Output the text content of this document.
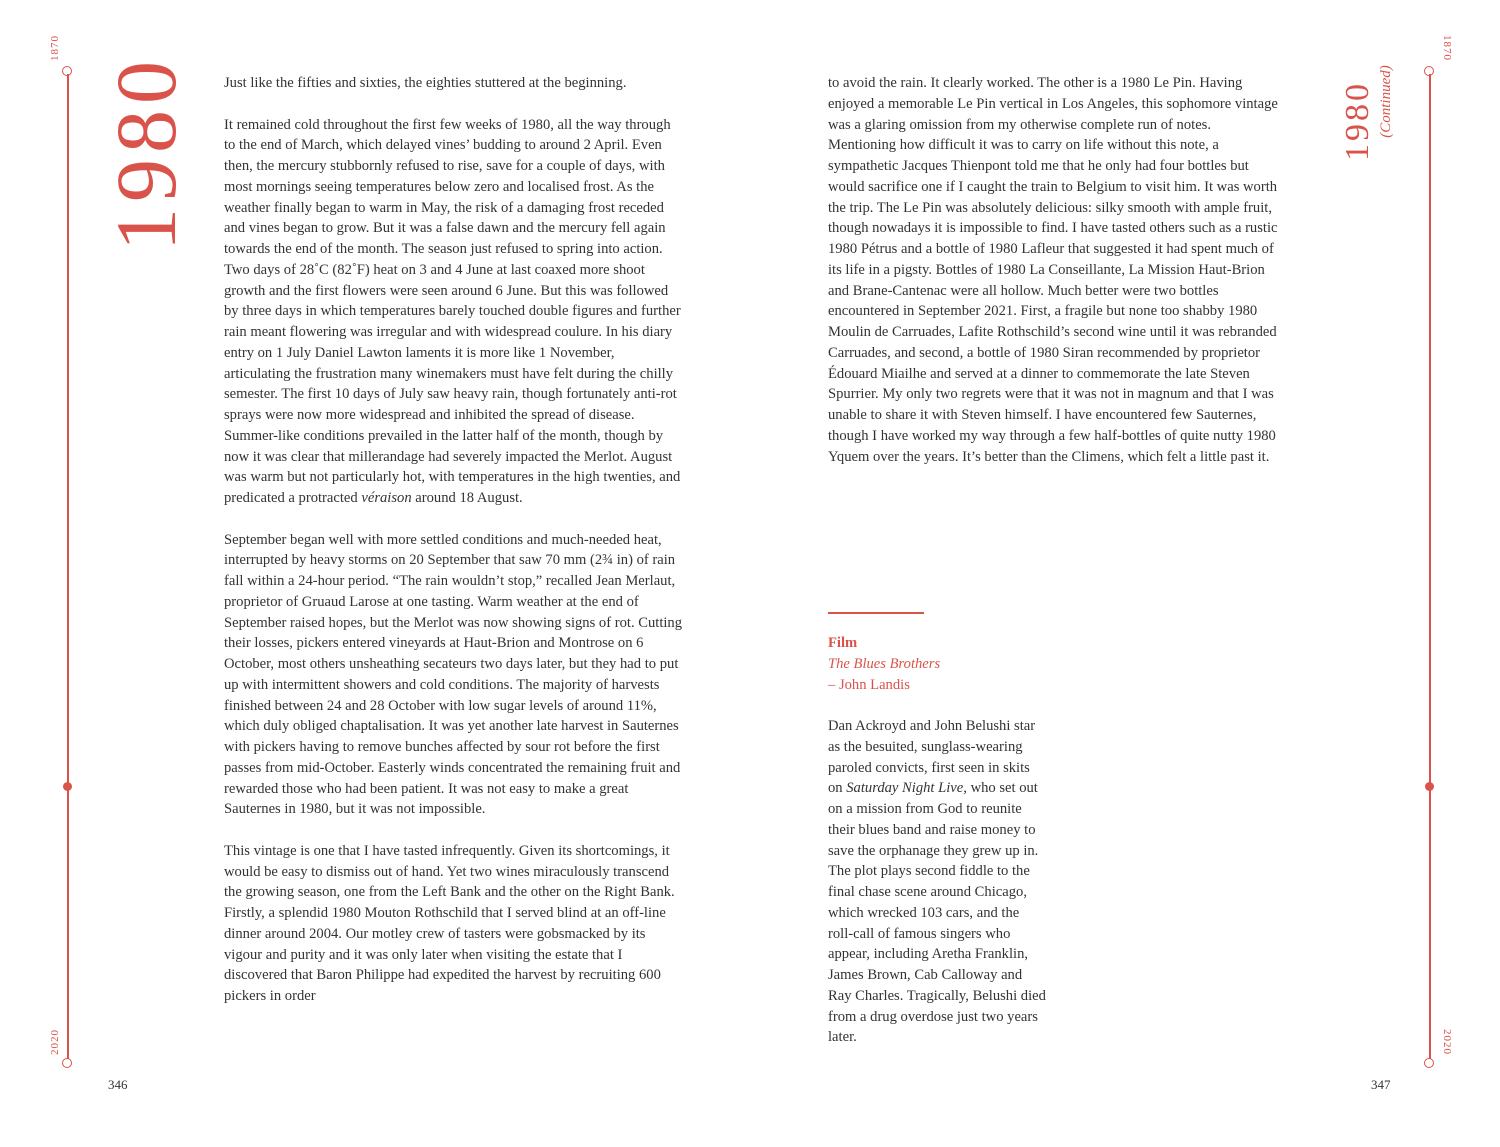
1870
2020
1980 Just like the fifties and sixties, the eighties stuttered at the beginning.

It remained cold throughout the first few weeks of 1980, all the way through to the end of March, which delayed vines’ budding to around 2 April. Even then, the mercury stubbornly refused to rise, save for a couple of days, with most mornings seeing temperatures below zero and localised frost. As the weather finally began to warm in May, the risk of a damaging frost receded and vines began to grow. But it was a false dawn and the mercury fell again towards the end of the month. The season just refused to spring into action. Two days of 28˚C (82˚F) heat on 3 and 4 June at last coaxed more shoot growth and the first flowers were seen around 6 June. But this was followed by three days in which temperatures barely touched double figures and further rain meant flowering was irregular and with widespread coulure. In his diary entry on 1 July Daniel Lawton laments it is more like 1 November, articulating the frustration many winemakers must have felt during the chilly semester. The first 10 days of July saw heavy rain, though fortunately anti-rot sprays were now more widespread and inhibited the spread of disease. Summer-like conditions prevailed in the latter half of the month, though by now it was clear that millerandage had severely impacted the Merlot. August was warm but not particularly hot, with temperatures in the high twenties, and predicated a protracted véraison around 18 August.

September began well with more settled conditions and much-needed heat, interrupted by heavy storms on 20 September that saw 70 mm (2¾ in) of rain fall within a 24-hour period. “The rain wouldn’t stop,” recalled Jean Merlaut, proprietor of Gruaud Larose at one tasting. Warm weather at the end of September raised hopes, but the Merlot was now showing signs of rot. Cutting their losses, pickers entered vineyards at Haut-Brion and Montrose on 6 October, most others unsheathing secateurs two days later, but they had to put up with intermittent showers and cold conditions. The majority of harvests finished between 24 and 28 October with low sugar levels of around 11%, which duly obliged chaptalisation. It was yet another late harvest in Sauternes with pickers having to remove bunches affected by sour rot before the first passes from mid-October. Easterly winds concentrated the remaining fruit and rewarded those who had been patient. It was not easy to make a great Sauternes in 1980, but it was not impossible.

This vintage is one that I have tasted infrequently. Given its shortcomings, it would be easy to dismiss out of hand. Yet two wines miraculously transcend the growing season, one from the Left Bank and the other on the Right Bank. Firstly, a splendid 1980 Mouton Rothschild that I served blind at an off-line dinner around 2004. Our motley crew of tasters were gobsmacked by its vigour and purity and it was only later when visiting the estate that I discovered that Baron Philippe had expedited the harvest by recruiting 600 pickers in order

346

to avoid the rain. It clearly worked. The other is a 1980 Le Pin. Having enjoyed a memorable Le Pin vertical in Los Angeles, this sophomore vintage was a glaring omission from my otherwise complete run of notes. Mentioning how difficult it was to carry on life without this note, a sympathetic Jacques Thienpont told me that he only had four bottles but would sacrifice one if I caught the train to Belgium to visit him. It was worth the trip. The Le Pin was absolutely delicious: silky smooth with ample fruit, though nowadays it is impossible to find. I have tasted others such as a rustic 1980 Pétrus and a bottle of 1980 Lafleur that suggested it had spent much of its life in a pigsty. Bottles of 1980 La Conseillante, La Mission Haut-Brion and Brane-Cantenac were all hollow. Much better were two bottles encountered in September 2021. First, a fragile but none too shabby 1980 Moulin de Carruades, Lafite Rothschild’s second wine until it was rebranded Carruades, and second, a bottle of 1980 Siran recommended by proprietor Édouard Miailhe and served at a dinner to commemorate the late Steven Spurrier. My only two regrets were that it was not in magnum and that I was unable to share it with Steven himself. I have encountered few Sauternes, though I have worked my way through a few half-bottles of quite nutty 1980 Yquem over the years. It’s better than the Climens, which felt a little past it.

Film
The Blues Brothers
– John Landis
Dan Ackroyd and John Belushi star as the besuited, sunglass-wearing paroled convicts, first seen in skits on Saturday Night Live, who set out on a mission from God to reunite their blues band and raise money to save the orphanage they grew up in. The plot plays second fiddle to the final chase scene around Chicago, which wrecked 103 cars, and the roll-call of famous singers who appear, including Aretha Franklin, James Brown, Cab Calloway and Ray Charles. Tragically, Belushi died from a drug overdose just two years later.
1980 (Continued)
1870
2020
347
